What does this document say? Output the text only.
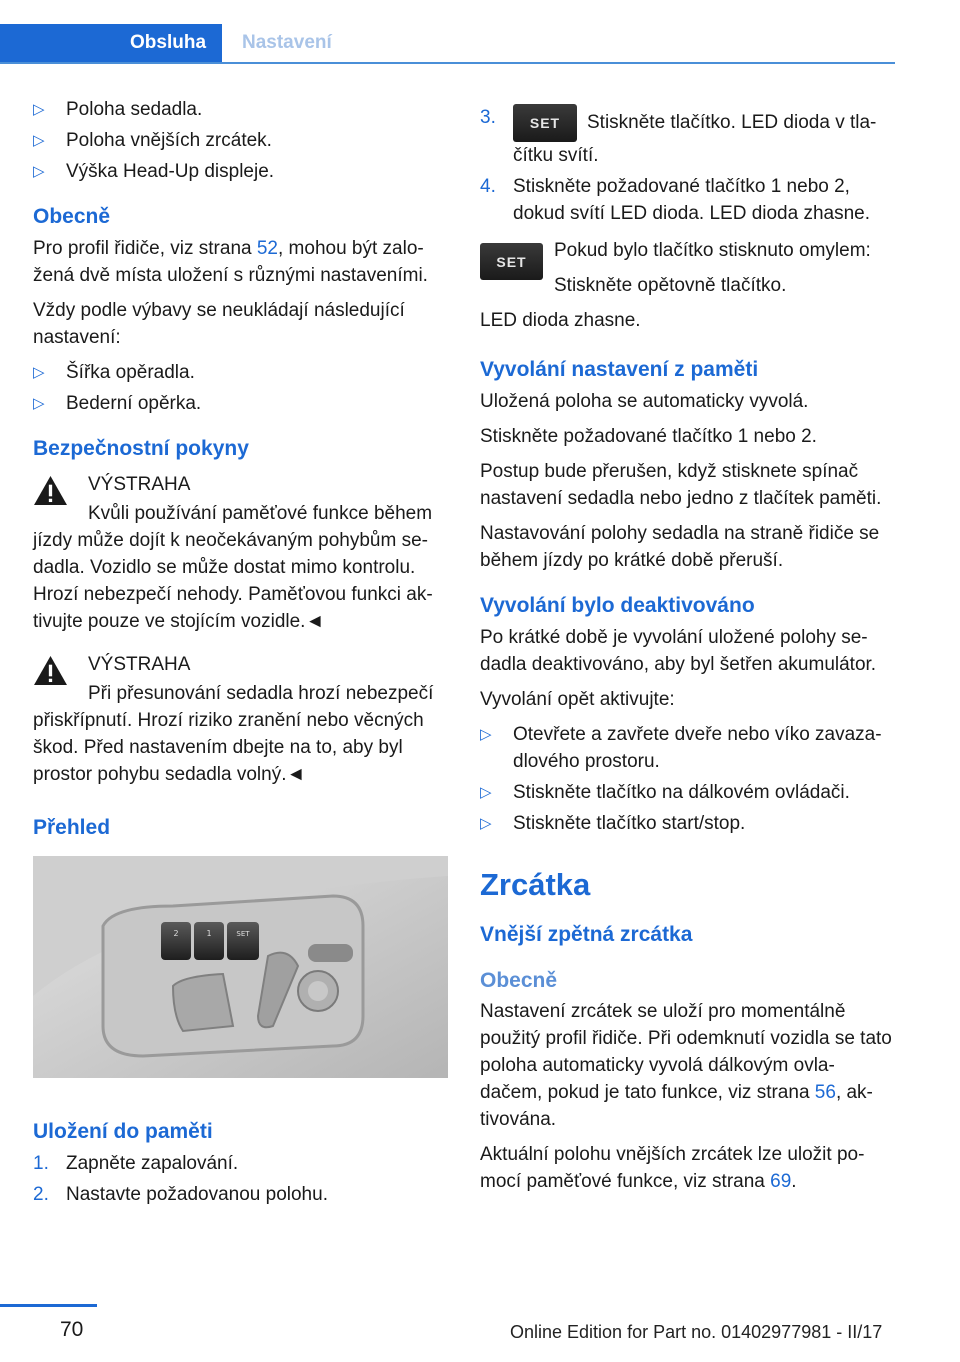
Obsluha	Nastavení
▷ Poloha sedadla.
▷ Poloha vnějších zrcátek.
▷ Výška Head-Up displeje.
Obecně

Pro profil řidiče, viz strana 52, mohou být zalo-žená dvě místa uložení s různými nastaveními.

Vždy podle výbavy se neukládají následující nastavení:

▷ Šířka opěradla.
▷ Bederní opěrka.
Bezpečnostní pokyny
VÝSTRAHA
Kvůli používání paměťové funkce během
jízdy může dojít k neočekávaným pohybům se-dadla. Vozidlo se může dostat mimo kontrolu. Hrozí nebezpečí nehody. Paměťovou funkci ak-tivujte pouze ve stojícím vozidle.◄
VÝSTRAHA
Při přesunování sedadla hrozí nebezpečí
přiskřípnutí. Hrozí riziko zranění nebo věcných škod. Před nastavením dbejte na to, aby byl prostor pohybu sedadla volný.◄
Přehled
2	1	SET
Uložení do paměti
1. Zapněte zapalování.
2. Nastavte požadovanou polohu.
3. SET Stiskněte tlačítko. LED dioda v tla-čítku svítí.
4. Stiskněte požadované tlačítko 1 nebo 2, dokud svítí LED dioda. LED dioda zhasne.
SET

Pokud bylo tlačítko stisknuto omylem:

Stiskněte opětovně tlačítko.

LED dioda zhasne.

Vyvolání nastavení z paměti

Uložená poloha se automaticky vyvolá.

Stiskněte požadované tlačítko 1 nebo 2.

Postup bude přerušen, když stisknete spínač nastavení sedadla nebo jedno z tlačítek paměti.

Nastavování polohy sedadla na straně řidiče se během jízdy po krátké době přeruší.

Vyvolání bylo deaktivováno

Po krátké době je vyvolání uložené polohy se-dadla deaktivováno, aby byl šetřen akumulátor.

Vyvolání opět aktivujte:

▷ Otevřete a zavřete dveře nebo víko zavaza-dlového prostoru.
▷ Stiskněte tlačítko na dálkovém ovládači.
▷ Stiskněte tlačítko start/stop.
Zrcátka
Vnější zpětná zrcátka
Obecně

Nastavení zrcátek se uloží pro momentálně použitý profil řidiče. Při odemknutí vozidla se tato poloha automaticky vyvolá dálkovým ovla-dačem, pokud je tato funkce, viz strana 56, ak-tivována.

Aktuální polohu vnějších zrcátek lze uložit po-mocí paměťové funkce, viz strana 69.

70	Online Edition for Part no. 01402977981 - II/17
